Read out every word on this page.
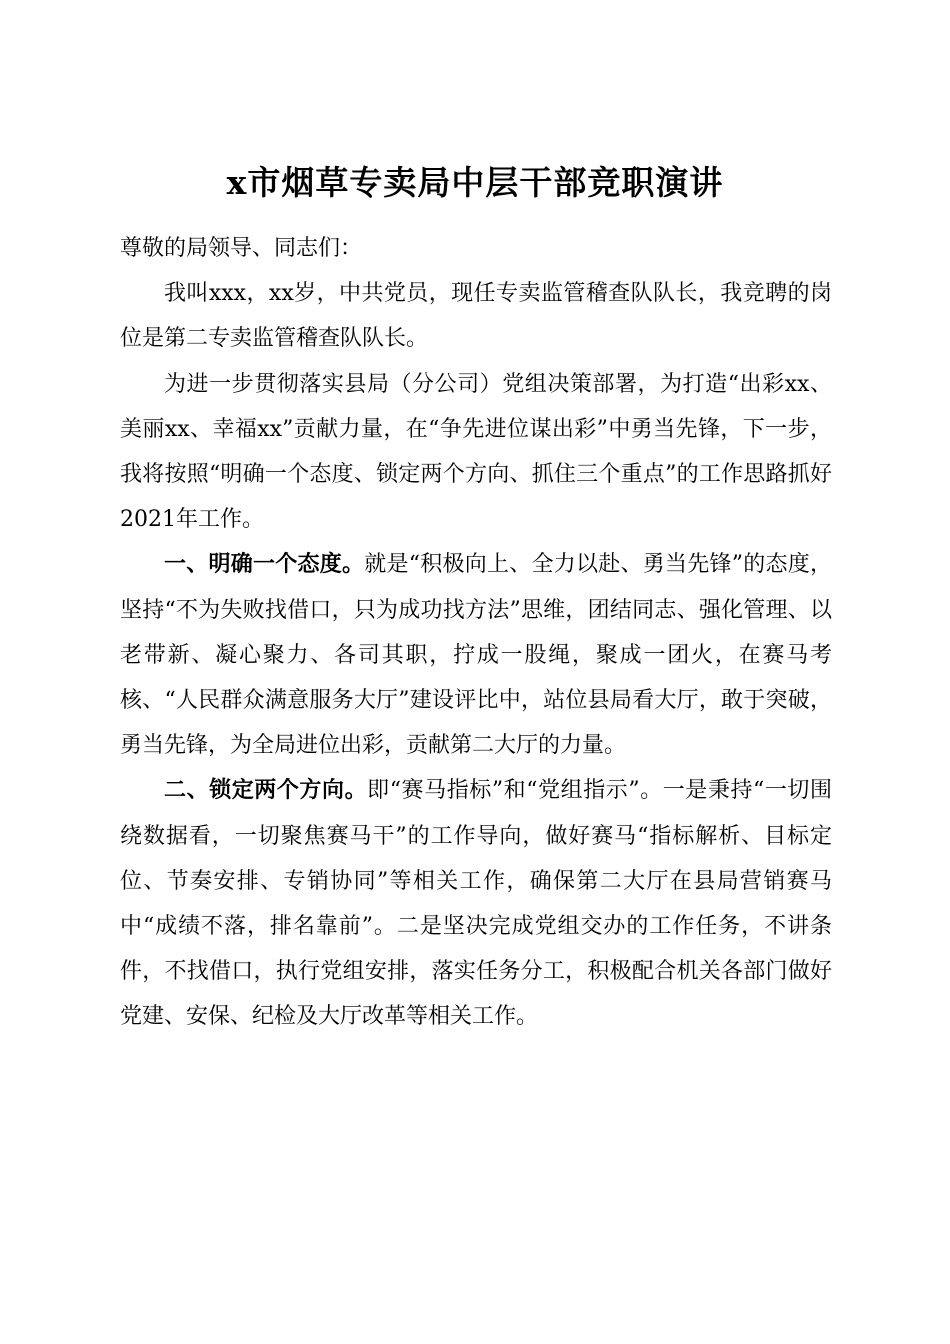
x市烟草专卖局中层干部竞职演讲

尊敬的局领导、同志们：

我叫xxx，xx岁，中共党员，现任专卖监管稽查队队长，我竞聘的岗位是第二专卖监管稽查队队长。

为进一步贯彻落实县局（分公司）党组决策部署，为打造“出彩xx、美丽xx、幸福xx”贡献力量，在“争先进位谋出彩”中勇当先锋，下一步，我将按照“明确一个态度、锁定两个方向、抓住三个重点”的工作思路抓好2021年工作。

一、明确一个态度。就是“积极向上、全力以赴、勇当先锋”的态度，坚持“不为失败找借口，只为成功找方法”思维，团结同志、强化管理、以老带新、凝心聚力、各司其职，拧成一股绳，聚成一团火，在赛马考核、“人民群众满意服务大厅”建设评比中，站位县局看大厅，敢于突破，勇当先锋，为全局进位出彩，贡献第二大厅的力量。

二、锁定两个方向。即“赛马指标”和“党组指示”。一是秉持“一切围绕数据看，一切聚焦赛马干”的工作导向，做好赛马“指标解析、目标定位、节奏安排、专销协同”等相关工作，确保第二大厅在县局营销赛马中“成绩不落，排名靠前”。二是坚决完成党组交办的工作任务，不讲条件，不找借口，执行党组安排，落实任务分工，积极配合机关各部门做好党建、安保、纪检及大厅改革等相关工作。
